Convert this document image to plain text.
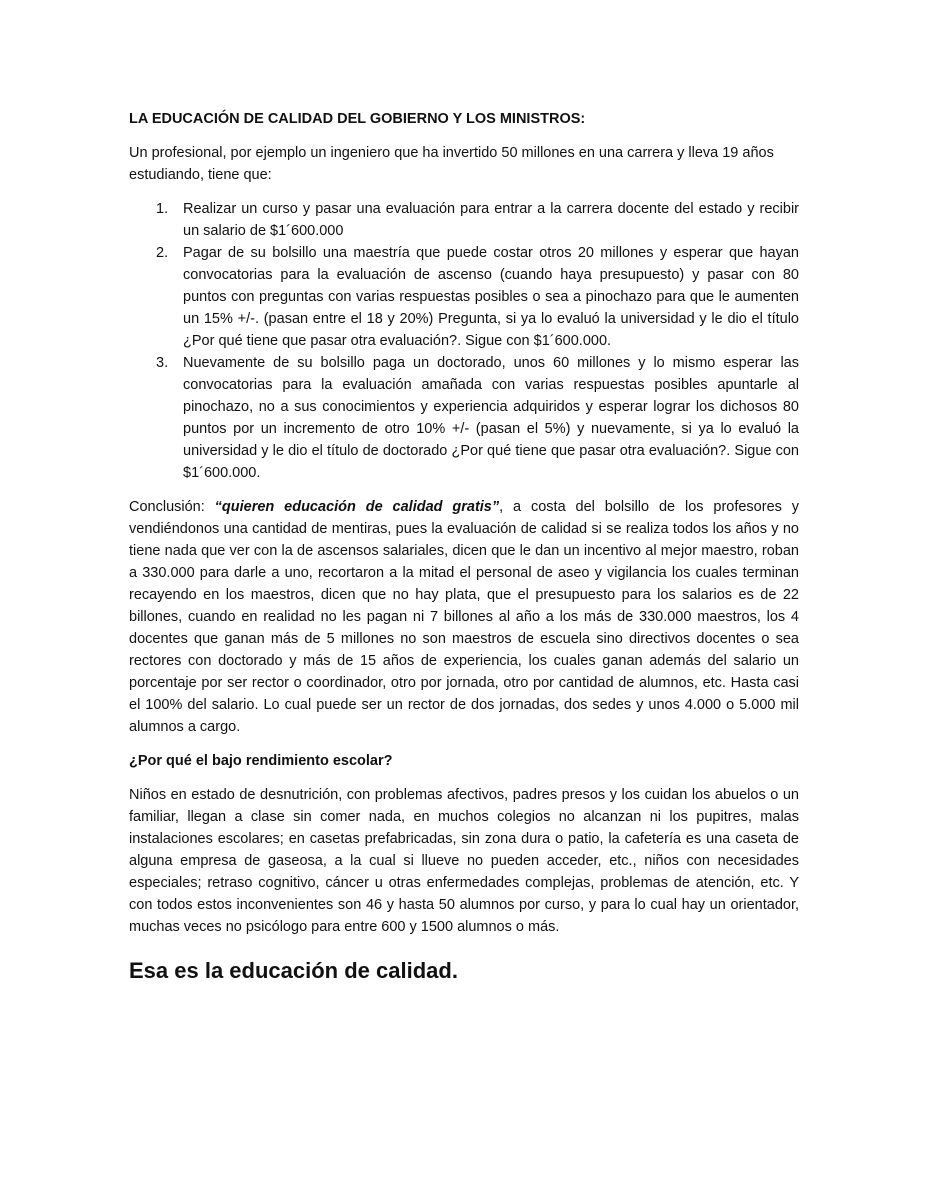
LA EDUCACIÓN DE CALIDAD DEL GOBIERNO Y LOS MINISTROS:

Un profesional, por ejemplo un ingeniero que ha invertido 50 millones en una carrera y lleva 19 años estudiando, tiene que:

1. Realizar un curso y pasar una evaluación para entrar a la carrera docente del estado y recibir un salario de $1´600.000
2. Pagar de su bolsillo una maestría que puede costar otros 20 millones y esperar que hayan convocatorias para la evaluación de ascenso (cuando haya presupuesto) y pasar con 80 puntos con preguntas con varias respuestas posibles o sea a pinochazo para que le aumenten un 15% +/-. (pasan entre el 18 y 20%) Pregunta, si ya lo evaluó la universidad y le dio el título ¿Por qué tiene que pasar otra evaluación?. Sigue con $1´600.000.
3. Nuevamente de su bolsillo paga un doctorado, unos 60 millones y lo mismo esperar las convocatorias para la evaluación amañada con varias respuestas posibles apuntarle al pinochazo, no a sus conocimientos y experiencia adquiridos y esperar lograr los dichosos 80 puntos por un incremento de otro 10% +/- (pasan el 5%) y nuevamente, si ya lo evaluó la universidad y le dio el título de doctorado ¿Por qué tiene que pasar otra evaluación?. Sigue con $1´600.000.

Conclusión: “quieren educación de calidad gratis”, a costa del bolsillo de los profesores y vendiéndonos una cantidad de mentiras, pues la evaluación de calidad si se realiza todos los años y no tiene nada que ver con la de ascensos salariales, dicen que le dan un incentivo al mejor maestro, roban a 330.000 para darle a uno, recortaron a la mitad el personal de aseo y vigilancia los cuales terminan recayendo en los maestros, dicen que no hay plata, que el presupuesto para los salarios es de 22 billones, cuando en realidad no les pagan ni 7 billones al año a los más de 330.000 maestros, los 4 docentes que ganan más de 5 millones no son maestros de escuela sino directivos docentes o sea rectores con doctorado y más de 15 años de experiencia, los cuales ganan además del salario un porcentaje por ser rector o coordinador, otro por jornada, otro por cantidad de alumnos, etc. Hasta casi el 100% del salario. Lo cual puede ser un rector de dos jornadas, dos sedes y unos 4.000 o 5.000 mil alumnos a cargo.

¿Por qué el bajo rendimiento escolar?

Niños en estado de desnutrición, con problemas afectivos, padres presos y los cuidan los abuelos o un familiar, llegan a clase sin comer nada, en muchos colegios no alcanzan ni los pupitres, malas instalaciones escolares; en casetas prefabricadas, sin zona dura o patio, la cafetería es una caseta de alguna empresa de gaseosa, a la cual si llueve no pueden acceder, etc., niños con necesidades especiales; retraso cognitivo, cáncer u otras enfermedades complejas, problemas de atención, etc. Y con todos estos inconvenientes son 46 y hasta 50 alumnos por curso, y para lo cual hay un orientador, muchas veces no psicólogo para entre 600 y 1500 alumnos o más.

Esa es la educación de calidad.
